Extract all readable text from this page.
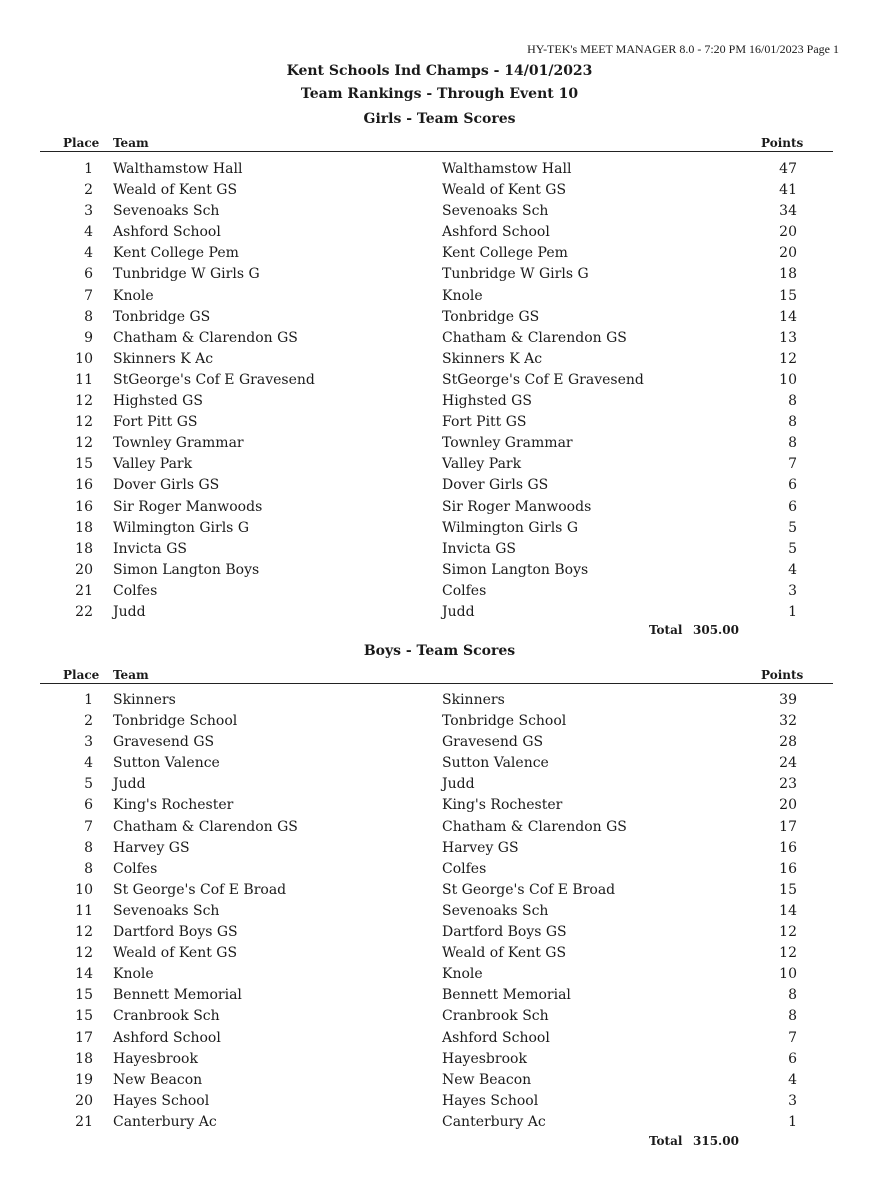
HY-TEK's MEET MANAGER 8.0 - 7:20 PM 16/01/2023 Page 1
Kent Schools Ind Champs - 14/01/2023
Team Rankings - Through Event 10
Girls - Team Scores
Place Team	Points
1 Walthamstow Hall	Walthamstow Hall	47
2 Weald of Kent GS	Weald of Kent GS	41
3 Sevenoaks Sch	Sevenoaks Sch	34
4 Ashford School	Ashford School	20
4 Kent College Pem	Kent College Pem	20
6 Tunbridge W Girls G	Tunbridge W Girls G	18
7 Knole	Knole	15
8 Tonbridge GS	Tonbridge GS	14
9 Chatham & Clarendon GS	Chatham & Clarendon GS	13
10 Skinners K Ac	Skinners K Ac	12
11 StGeorge's Cof E Gravesend	StGeorge's Cof E Gravesend	10
12 Highsted GS	Highsted GS	8
12 Fort Pitt GS	Fort Pitt GS	8
12 Townley Grammar	Townley Grammar	8
15 Valley Park	Valley Park	7
16 Dover Girls GS	Dover Girls GS	6
16 Sir Roger Manwoods	Sir Roger Manwoods	6
18 Wilmington Girls G	Wilmington Girls G	5
18 Invicta GS	Invicta GS	5
20 Simon Langton Boys	Simon Langton Boys	4
21 Colfes	Colfes	3
22 Judd	Judd	1
Total 305.00
Boys - Team Scores
Place Team	Points
1 Skinners	Skinners	39
2 Tonbridge School	Tonbridge School	32
3 Gravesend GS	Gravesend GS	28
4 Sutton Valence	Sutton Valence	24
5 Judd	Judd	23
6 King's Rochester	King's Rochester	20
7 Chatham & Clarendon GS	Chatham & Clarendon GS	17
8 Harvey GS	Harvey GS	16
8 Colfes	Colfes	16
10 St George's Cof E Broad	St George's Cof E Broad	15
11 Sevenoaks Sch	Sevenoaks Sch	14
12 Dartford Boys GS	Dartford Boys GS	12
12 Weald of Kent GS	Weald of Kent GS	12
14 Knole	Knole	10
15 Bennett Memorial	Bennett Memorial	8
15 Cranbrook Sch	Cranbrook Sch	8
17 Ashford School	Ashford School	7
18 Hayesbrook	Hayesbrook	6
19 New Beacon	New Beacon	4
20 Hayes School	Hayes School	3
21 Canterbury Ac	Canterbury Ac	1
Total 315.00
